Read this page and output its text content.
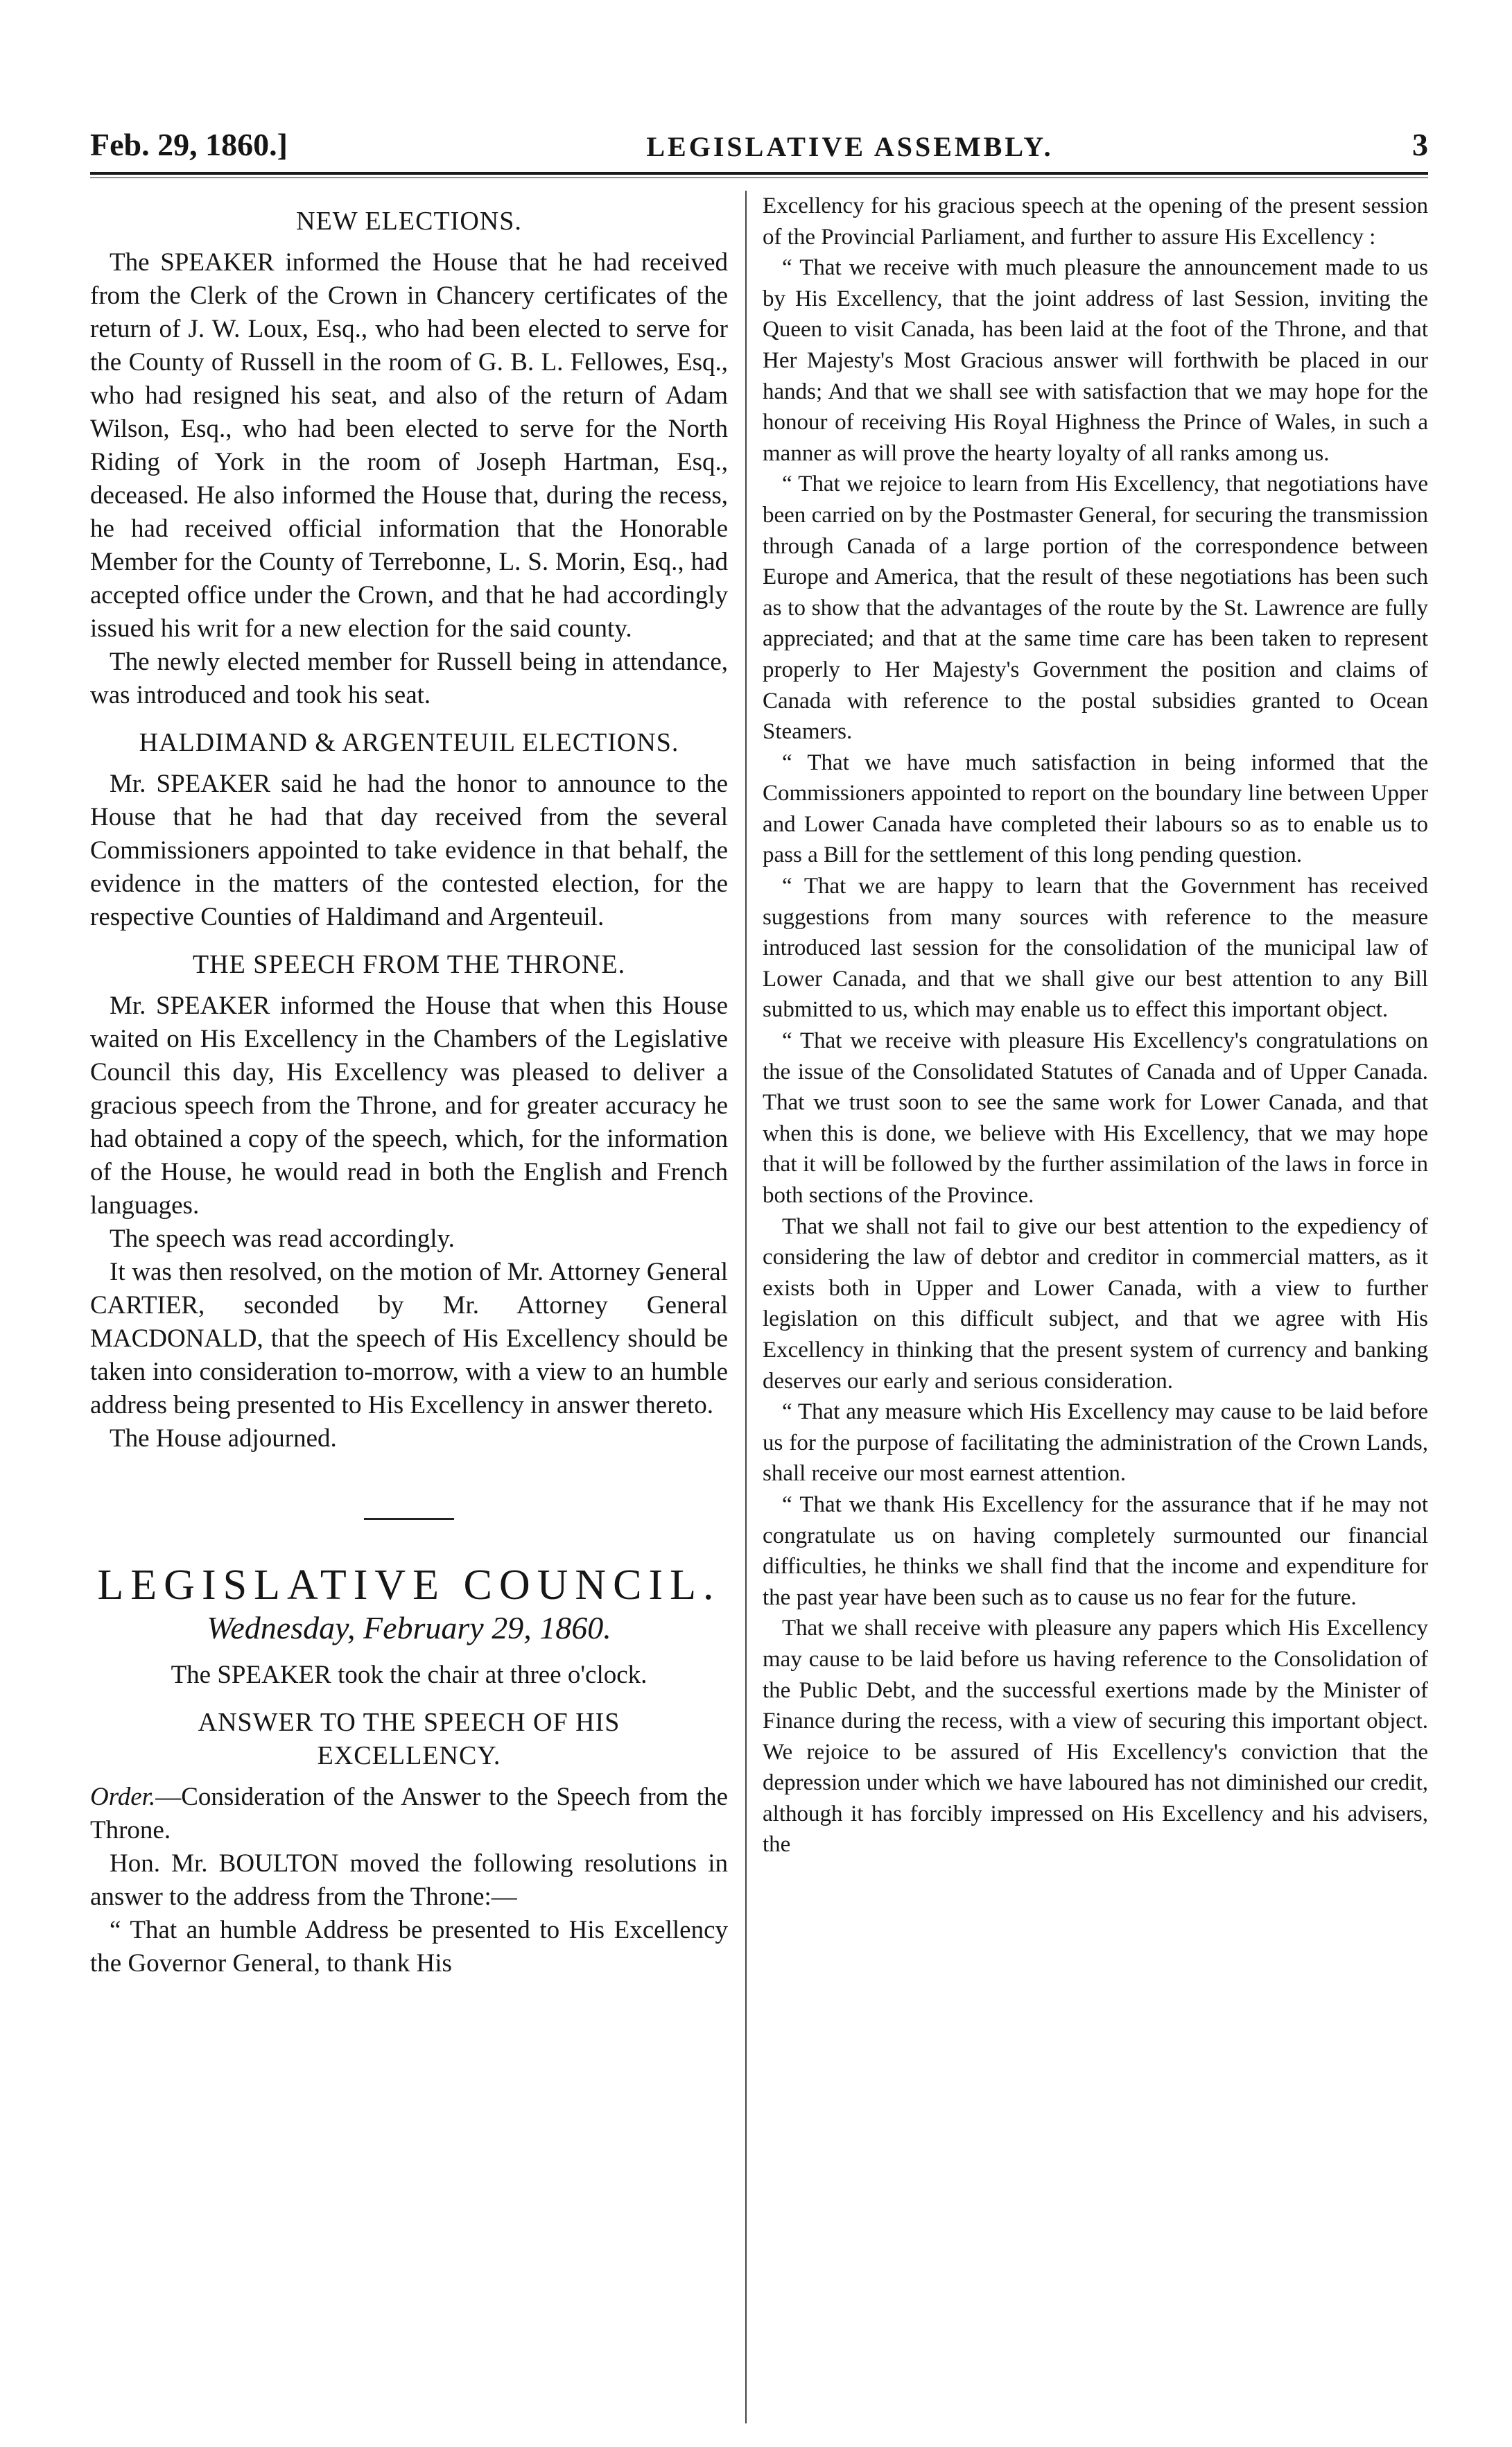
Feb. 29, 1860.]	LEGISLATIVE ASSEMBLY.	3
NEW ELECTIONS.

The SPEAKER informed the House that he had received from the Clerk of the Crown in Chancery certificates of the return of J. W. Loux, Esq., who had been elected to serve for the County of Russell in the room of G. B. L. Fellowes, Esq., who had resigned his seat, and also of the return of Adam Wilson, Esq., who had been elected to serve for the North Riding of York in the room of Joseph Hartman, Esq., deceased. He also informed the House that, during the recess, he had received official information that the Honorable Member for the County of Terrebonne, L. S. Morin, Esq., had accepted office under the Crown, and that he had accordingly issued his writ for a new election for the said county.

The newly elected member for Russell being in attendance, was introduced and took his seat.

HALDIMAND & ARGENTEUIL ELECTIONS.

Mr. SPEAKER said he had the honor to announce to the House that he had that day received from the several Commissioners appointed to take evidence in that behalf, the evidence in the matters of the contested election, for the respective Counties of Haldimand and Argenteuil.

THE SPEECH FROM THE THRONE.

Mr. SPEAKER informed the House that when this House waited on His Excellency in the Chambers of the Legislative Council this day, His Excellency was pleased to deliver a gracious speech from the Throne, and for greater accuracy he had obtained a copy of the speech, which, for the information of the House, he would read in both the English and French languages.

The speech was read accordingly.

It was then resolved, on the motion of Mr. Attorney General CARTIER, seconded by Mr. Attorney General MACDONALD, that the speech of His Excellency should be taken into consideration to-morrow, with a view to an humble address being presented to His Excellency in answer thereto.

The House adjourned.

LEGISLATIVE COUNCIL.
Wednesday, February 29, 1860.

The SPEAKER took the chair at three o'clock.

ANSWER TO THE SPEECH OF HIS
EXCELLENCY.

Order.—Consideration of the Answer to the Speech from the Throne.

Hon. Mr. BOULTON moved the following resolutions in answer to the address from the Throne:—

“ That an humble Address be presented to His Excellency the Governor General, to thank His

Excellency for his gracious speech at the opening of the present session of the Provincial Parliament, and further to assure His Excellency :

“ That we receive with much pleasure the announcement made to us by His Excellency, that the joint address of last Session, inviting the Queen to visit Canada, has been laid at the foot of the Throne, and that Her Majesty's Most Gracious answer will forthwith be placed in our hands; And that we shall see with satisfaction that we may hope for the honour of receiving His Royal Highness the Prince of Wales, in such a manner as will prove the hearty loyalty of all ranks among us.

“ That we rejoice to learn from His Excellency, that negotiations have been carried on by the Postmaster General, for securing the transmission through Canada of a large portion of the correspondence between Europe and America, that the result of these negotiations has been such as to show that the advantages of the route by the St. Lawrence are fully appreciated; and that at the same time care has been taken to represent properly to Her Majesty's Government the position and claims of Canada with reference to the postal subsidies granted to Ocean Steamers.

“ That we have much satisfaction in being informed that the Commissioners appointed to report on the boundary line between Upper and Lower Canada have completed their labours so as to enable us to pass a Bill for the settlement of this long pending question.

“ That we are happy to learn that the Government has received suggestions from many sources with reference to the measure introduced last session for the consolidation of the municipal law of Lower Canada, and that we shall give our best attention to any Bill submitted to us, which may enable us to effect this important object.

“ That we receive with pleasure His Excellency's congratulations on the issue of the Consolidated Statutes of Canada and of Upper Canada. That we trust soon to see the same work for Lower Canada, and that when this is done, we believe with His Excellency, that we may hope that it will be followed by the further assimilation of the laws in force in both sections of the Province.

That we shall not fail to give our best attention to the expediency of considering the law of debtor and creditor in commercial matters, as it exists both in Upper and Lower Canada, with a view to further legislation on this difficult subject, and that we agree with His Excellency in thinking that the present system of currency and banking deserves our early and serious consideration.

“ That any measure which His Excellency may cause to be laid before us for the purpose of facilitating the administration of the Crown Lands, shall receive our most earnest attention.

“ That we thank His Excellency for the assurance that if he may not congratulate us on having completely surmounted our financial difficulties, he thinks we shall find that the income and expenditure for the past year have been such as to cause us no fear for the future.

That we shall receive with pleasure any papers which His Excellency may cause to be laid before us having reference to the Consolidation of the Public Debt, and the successful exertions made by the Minister of Finance during the recess, with a view of securing this important object. We rejoice to be assured of His Excellency's conviction that the depression under which we have laboured has not diminished our credit, although it has forcibly impressed on His Excellency and his advisers, the
